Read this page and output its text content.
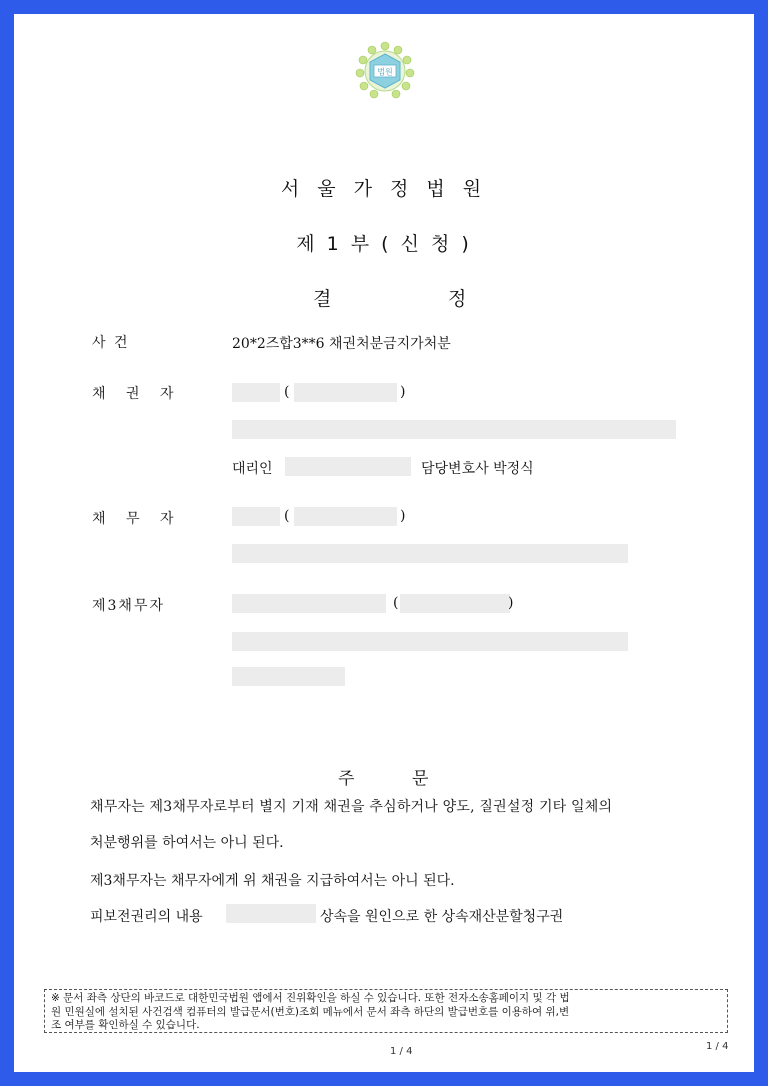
법원
서 울 가 정 법 원
제 1 부 ( 신 청 )
결	정
사 건	20*2즈합3**6 채권처분금지가처분
채 권 자	(	)
대리인	담당변호사 박정식
채 무 자	(	)
제3채무자	(	)
주	문
채무자는 제3채무자로부터 별지 기재 채권을 추심하거나 양도, 질권설정 기타 일체의
처분행위를 하여서는 아니 된다.
제3채무자는 채무자에게 위 채권을 지급하여서는 아니 된다.
피보전권리의 내용	상속을 원인으로 한 상속재산분할청구권
※ 문서 좌측 상단의 바코드로 대한민국법원 앱에서 진위확인을 하실 수 있습니다. 또한 전자소송홈페이지 및 각 법
원 민원실에 설치된 사건검색 컴퓨터의 발급문서(번호)조회 메뉴에서 문서 좌측 하단의 발급번호를 이용하여 위,변
조 여부를 확인하실 수 있습니다.
1 / 4	1 / 4
